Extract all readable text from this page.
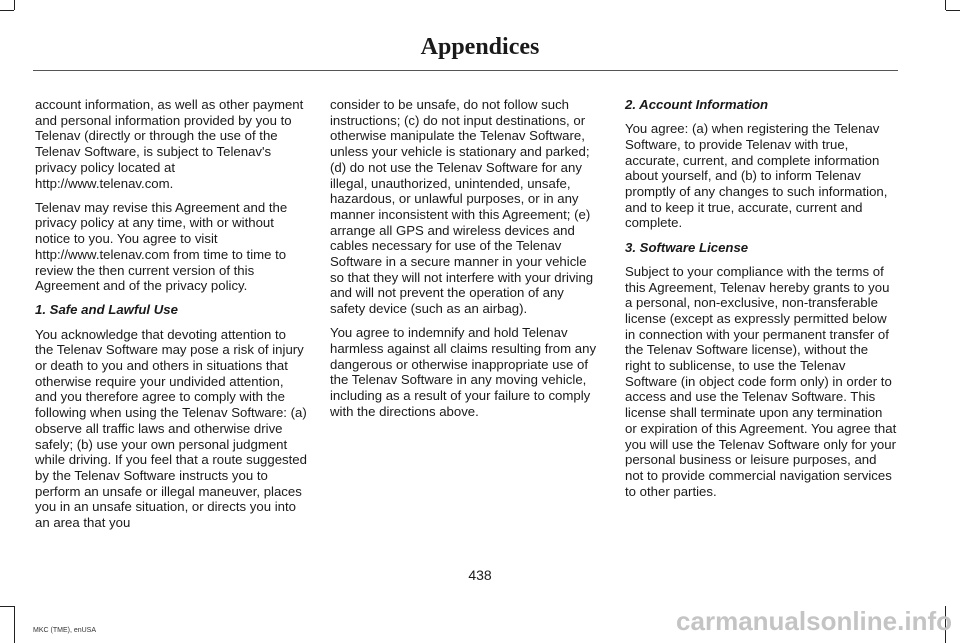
Appendices

account information, as well as other payment and personal information provided by you to Telenav (directly or through the use of the Telenav Software, is subject to Telenav's privacy policy located at http://www.telenav.com.

Telenav may revise this Agreement and the privacy policy at any time, with or without notice to you. You agree to visit http://www.telenav.com from time to time to review the then current version of this Agreement and of the privacy policy.

1. Safe and Lawful Use

You acknowledge that devoting attention to the Telenav Software may pose a risk of injury or death to you and others in situations that otherwise require your undivided attention, and you therefore agree to comply with the following when using the Telenav Software: (a) observe all traffic laws and otherwise drive safely; (b) use your own personal judgment while driving. If you feel that a route suggested by the Telenav Software instructs you to perform an unsafe or illegal maneuver, places you in an unsafe situation, or directs you into an area that you

consider to be unsafe, do not follow such instructions; (c) do not input destinations, or otherwise manipulate the Telenav Software, unless your vehicle is stationary and parked; (d) do not use the Telenav Software for any illegal, unauthorized, unintended, unsafe, hazardous, or unlawful purposes, or in any manner inconsistent with this Agreement; (e) arrange all GPS and wireless devices and cables necessary for use of the Telenav Software in a secure manner in your vehicle so that they will not interfere with your driving and will not prevent the operation of any safety device (such as an airbag).

You agree to indemnify and hold Telenav harmless against all claims resulting from any dangerous or otherwise inappropriate use of the Telenav Software in any moving vehicle, including as a result of your failure to comply with the directions above.

2. Account Information

You agree: (a) when registering the Telenav Software, to provide Telenav with true, accurate, current, and complete information about yourself, and (b) to inform Telenav promptly of any changes to such information, and to keep it true, accurate, current and complete.

3. Software License

Subject to your compliance with the terms of this Agreement, Telenav hereby grants to you a personal, non-exclusive, non-transferable license (except as expressly permitted below in connection with your permanent transfer of the Telenav Software license), without the right to sublicense, to use the Telenav Software (in object code form only) in order to access and use the Telenav Software. This license shall terminate upon any termination or expiration of this Agreement. You agree that you will use the Telenav Software only for your personal business or leisure purposes, and not to provide commercial navigation services to other parties.

438
MKC (TME), enUSA	carmanualsonline.info
